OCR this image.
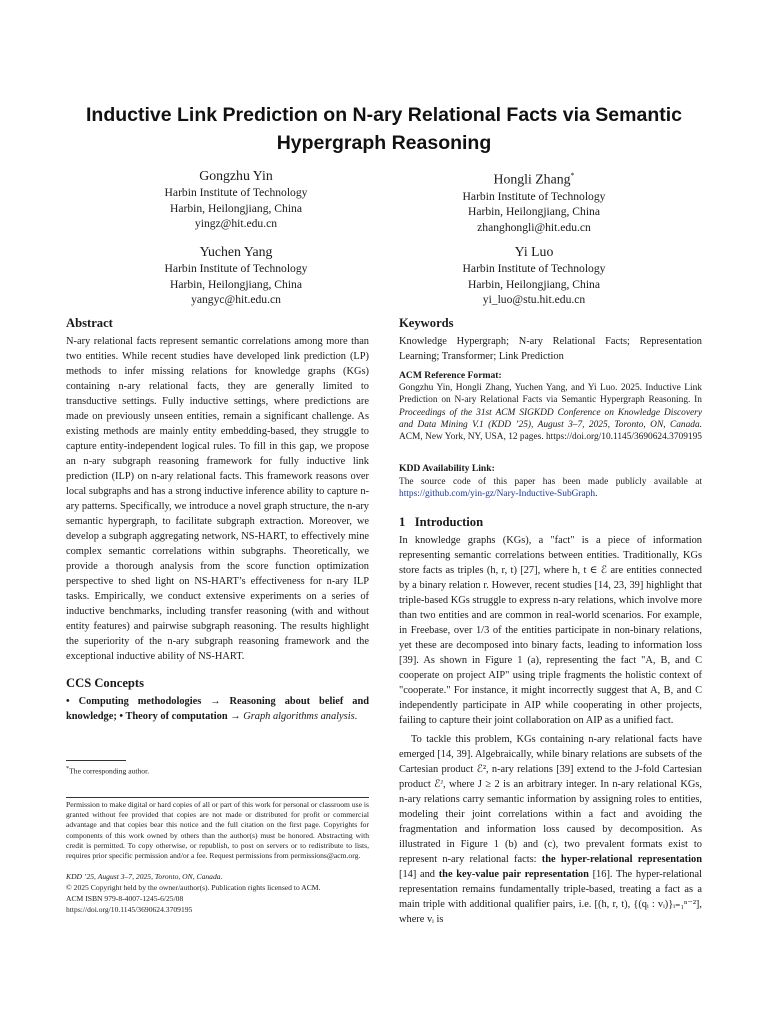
Inductive Link Prediction on N-ary Relational Facts via Semantic
Hypergraph Reasoning
Gongzhu Yin
Harbin Institute of Technology
Harbin, Heilongjiang, China
yingz@hit.edu.cn
Hongli Zhang*
Harbin Institute of Technology
Harbin, Heilongjiang, China
zhanghongli@hit.edu.cn
Yuchen Yang
Harbin Institute of Technology
Harbin, Heilongjiang, China
yangyc@hit.edu.cn
Yi Luo
Harbin Institute of Technology
Harbin, Heilongjiang, China
yi_luo@stu.hit.edu.cn
Abstract

N-ary relational facts represent semantic correlations among more than two entities. While recent studies have developed link prediction (LP) methods to infer missing relations for knowledge graphs (KGs) containing n-ary relational facts, they are generally limited to transductive settings. Fully inductive settings, where predictions are made on previously unseen entities, remain a significant challenge. As existing methods are mainly entity embedding-based, they struggle to capture entity-independent logical rules. To fill in this gap, we propose an n-ary subgraph reasoning framework for fully inductive link prediction (ILP) on n-ary relational facts. This framework reasons over local subgraphs and has a strong inductive inference ability to capture n-ary patterns. Specifically, we introduce a novel graph structure, the n-ary semantic hypergraph, to facilitate subgraph extraction. Moreover, we develop a subgraph aggregating network, NS-HART, to effectively mine complex semantic correlations within subgraphs. Theoretically, we provide a thorough analysis from the score function optimization perspective to shed light on NS-HART’s effectiveness for n-ary ILP tasks. Empirically, we conduct extensive experiments on a series of inductive benchmarks, including transfer reasoning (with and without entity features) and pairwise subgraph reasoning. The results highlight the superiority of the n-ary subgraph reasoning framework and the exceptional inductive ability of NS-HART.

CCS Concepts

• Computing methodologies → Reasoning about belief and knowledge; • Theory of computation → Graph algorithms analysis.

*The corresponding author.

Permission to make digital or hard copies of all or part of this work for personal or classroom use is granted without fee provided that copies are not made or distributed for profit or commercial advantage and that copies bear this notice and the full citation on the first page. Copyrights for components of this work owned by others than the author(s) must be honored. Abstracting with credit is permitted. To copy otherwise, or republish, to post on servers or to redistribute to lists, requires prior specific permission and/or a fee. Request permissions from permissions@acm.org.

KDD ’25, August 3–7, 2025, Toronto, ON, Canada.

© 2025 Copyright held by the owner/author(s). Publication rights licensed to ACM.

ACM ISBN 979-8-4007-1245-6/25/08

https://doi.org/10.1145/3690624.3709195

Keywords

Knowledge Hypergraph; N-ary Relational Facts; Representation Learning; Transformer; Link Prediction

ACM Reference Format:

Gongzhu Yin, Hongli Zhang, Yuchen Yang, and Yi Luo. 2025. Inductive Link Prediction on N-ary Relational Facts via Semantic Hypergraph Reasoning. In Proceedings of the 31st ACM SIGKDD Conference on Knowledge Discovery and Data Mining V.1 (KDD ’25), August 3–7, 2025, Toronto, ON, Canada. ACM, New York, NY, USA, 12 pages. https://doi.org/10.1145/3690624.3709195

KDD Availability Link:

The source code of this paper has been made publicly available at https://github.com/yin-gz/Nary-Inductive-SubGraph.

1 Introduction

In knowledge graphs (KGs), a "fact" is a piece of information representing semantic correlations between entities. Traditionally, KGs store facts as triples (h, r, t) [27], where h, t ∈ ℰ are entities connected by a binary relation r. However, recent studies [14, 23, 39] highlight that triple-based KGs struggle to express n-ary relations, which involve more than two entities and are common in real-world scenarios. For example, in Freebase, over 1/3 of the entities participate in non-binary relations, yet these are decomposed into binary facts, leading to information loss [39]. As shown in Figure 1 (a), representing the fact "A, B, and C cooperate on project AIP" using triple fragments the holistic context of "cooperate." For instance, it might incorrectly suggest that A, B, and C independently participate in AIP while cooperating in other projects, failing to capture their joint collaboration on AIP as a unified fact.

To tackle this problem, KGs containing n-ary relational facts have emerged [14, 39]. Algebraically, while binary relations are subsets of the Cartesian product ℰ², n-ary relations [39] extend to the J-fold Cartesian product ℰᴶ, where J ≥ 2 is an arbitrary integer. In n-ary relational KGs, n-ary relations carry semantic information by assigning roles to entities, modeling their joint correlations within a fact and avoiding the fragmentation and information loss caused by decomposition. As illustrated in Figure 1 (b) and (c), two prevalent formats exist to represent n-ary relational facts: the hyper-relational representation [14] and the key-value pair representation [16]. The hyper-relational representation remains fundamentally triple-based, treating a fact as a main triple with additional qualifier pairs, i.e. [(h, r, t), {(qᵢ : vᵢ)}ᵢ₌₁ⁿ⁻²], where vᵢ is
